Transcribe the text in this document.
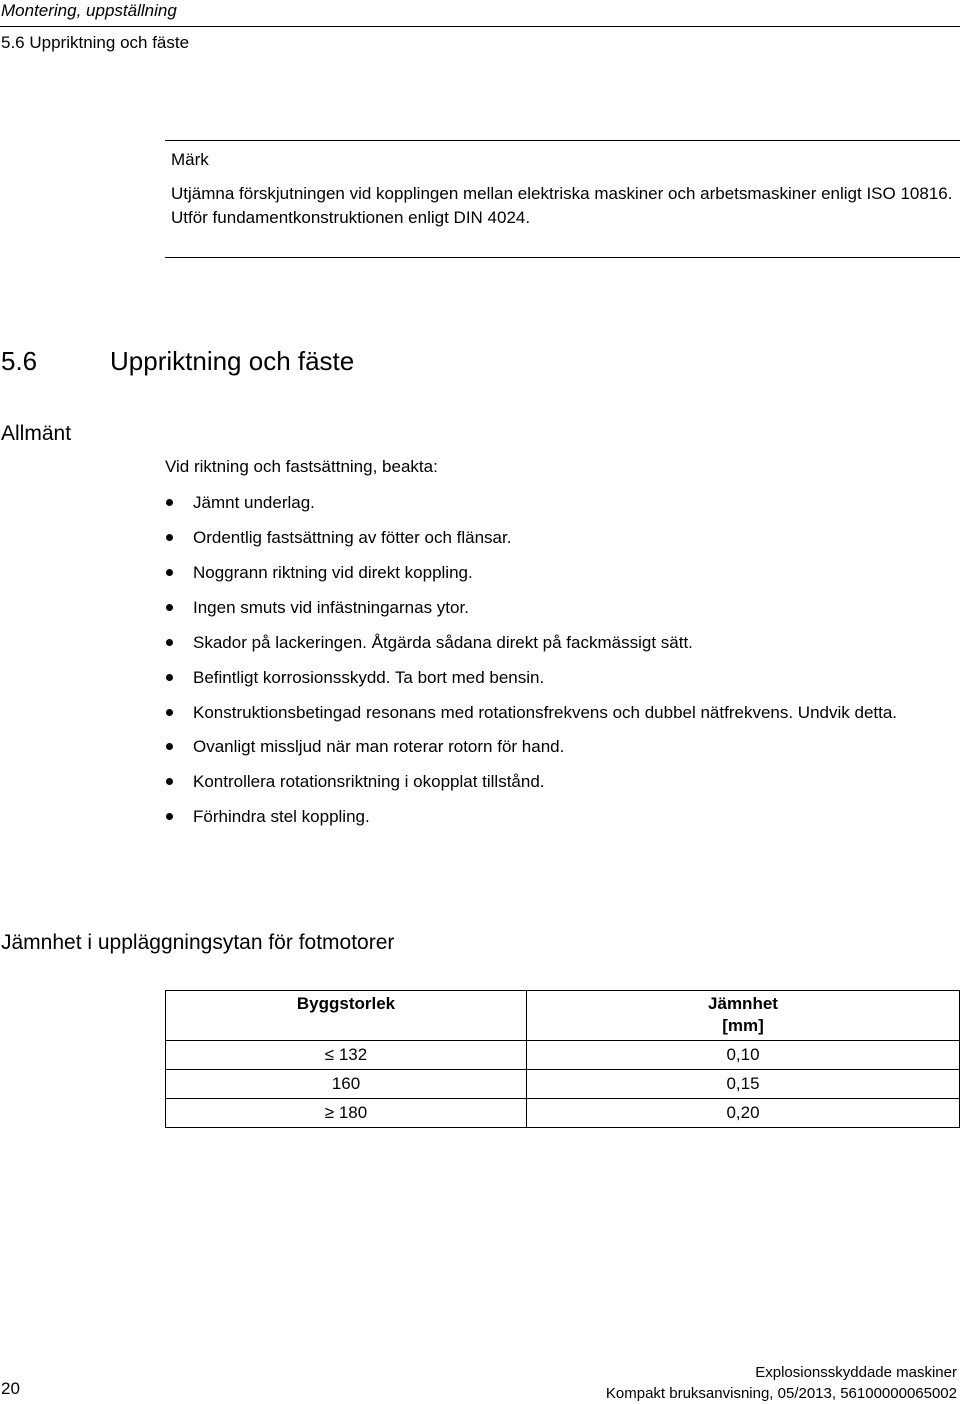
Montering, uppställning
5.6 Uppriktning och fäste
Märk
Utjämna förskjutningen vid kopplingen mellan elektriska maskiner och arbetsmaskiner enligt ISO 10816.
Utför fundamentkonstruktionen enligt DIN 4024.
5.6	Uppriktning och fäste
Allmänt
Vid riktning och fastsättning, beakta:
Jämnt underlag.
Ordentlig fastsättning av fötter och flänsar.
Noggrann riktning vid direkt koppling.
Ingen smuts vid infästningarnas ytor.
Skador på lackeringen. Åtgärda sådana direkt på fackmässigt sätt.
Befintligt korrosionsskydd. Ta bort med bensin.
Konstruktionsbetingad resonans med rotationsfrekvens och dubbel nätfrekvens. Undvik detta.
Ovanligt missljud när man roterar rotorn för hand.
Kontrollera rotationsriktning i okopplat tillstånd.
Förhindra stel koppling.
Jämnhet i uppläggningsytan för fotmotorer
Byggstorlek	Jämnhet
[mm]

≤ 132	0,10
160	0,15
≥ 180	0,20
20
Explosionsskyddade maskiner
Kompakt bruksanvisning, 05/2013, 56100000065002
